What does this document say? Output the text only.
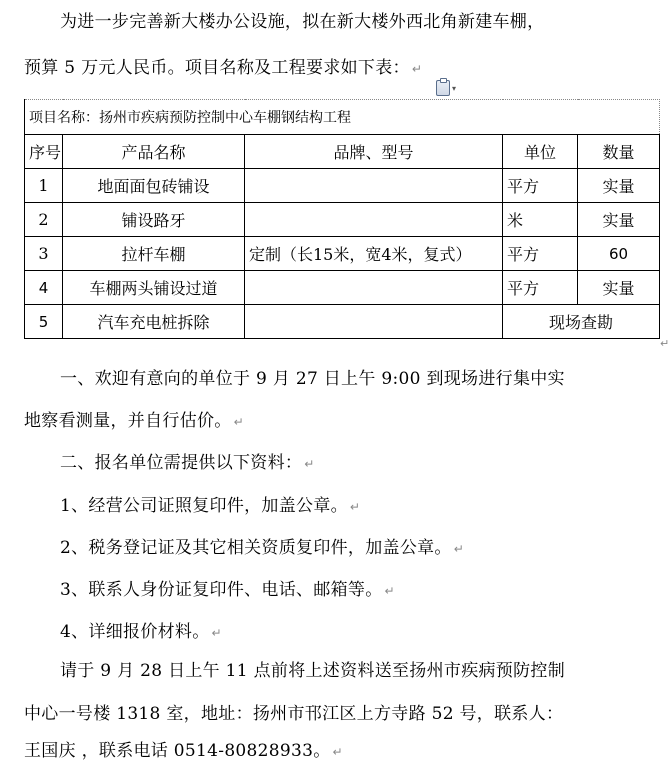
为进一步完善新大楼办公设施，拟在新大楼外西北角新建车棚，
预算 5 万元人民币。项目名称及工程要求如下表： ↵
▾
项目名称：扬州市疾病预防控制中心车棚钢结构工程				
序号	产品名称	品牌、型号	单位	数量
1	地面面包砖铺设		平方	实量
2	铺设路牙		米	实量
3	拉杆车棚	定制（长15米，宽4米，复式）	平方	60
4	车棚两头铺设过道		平方	实量
5	汽车充电桩拆除		现场查勘	
↵
一、欢迎有意向的单位于 9 月 27 日上午 9:00 到现场进行集中实
地察看测量，并自行估价。 ↵
二、报名单位需提供以下资料： ↵
1、经营公司证照复印件，加盖公章。 ↵
2、税务登记证及其它相关资质复印件，加盖公章。 ↵
3、联系人身份证复印件、电话、邮箱等。 ↵
4、详细报价材料。 ↵
请于 9 月 28 日上午 11 点前将上述资料送至扬州市疾病预防控制
中心一号楼 1318 室，地址：扬州市邗江区上方寺路 52 号，联系人：
王国庆 ，联系电话 0514-80828933。 ↵
